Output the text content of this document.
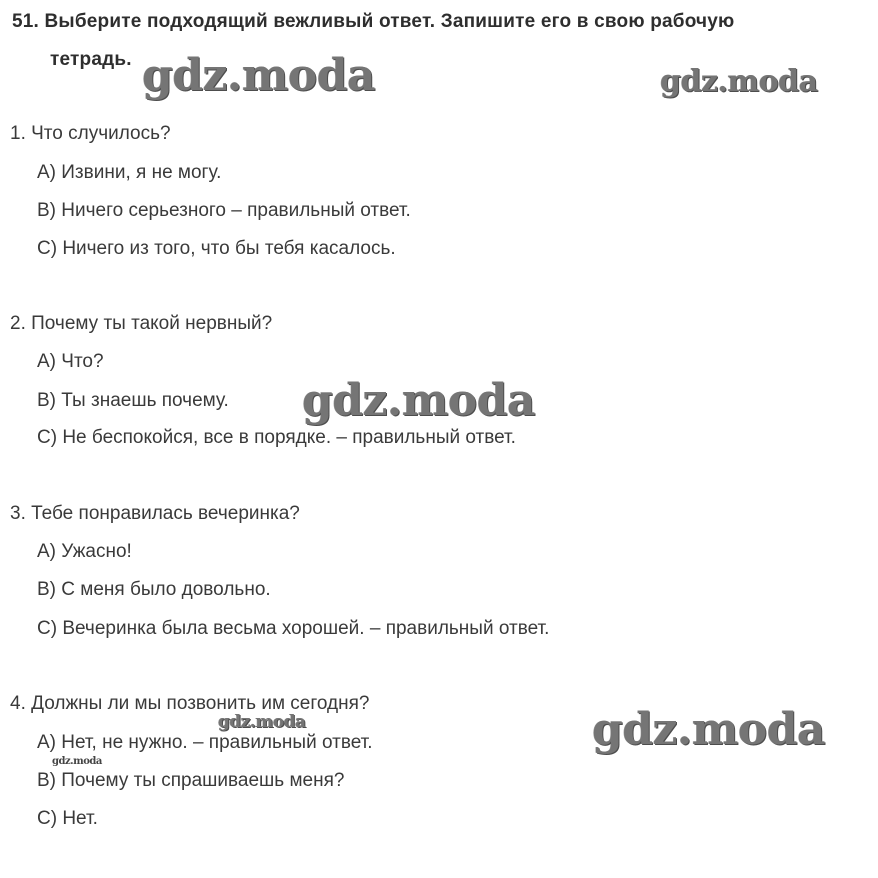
51. Выберите подходящий вежливый ответ. Запишите его в свою рабочую
тетрадь.
1. Что случилось?
A) Извини, я не могу.
B) Ничего серьезного – правильный ответ.
C) Ничего из того, что бы тебя касалось.
2. Почему ты такой нервный?
A) Что?
B) Ты знаешь почему.
C) Не беспокойся, все в порядке. – правильный ответ.
3. Тебе понравилась вечеринка?
A) Ужасно!
B) С меня было довольно.
C) Вечеринка была весьма хорошей. – правильный ответ.
4. Должны ли мы позвонить им сегодня?
A) Нет, не нужно. – правильный ответ.
B) Почему ты спрашиваешь меня?
C) Нет.
gdz.moda	gdz.moda
gdz.moda
gdz.moda
gdz.moda
gdz.moda
